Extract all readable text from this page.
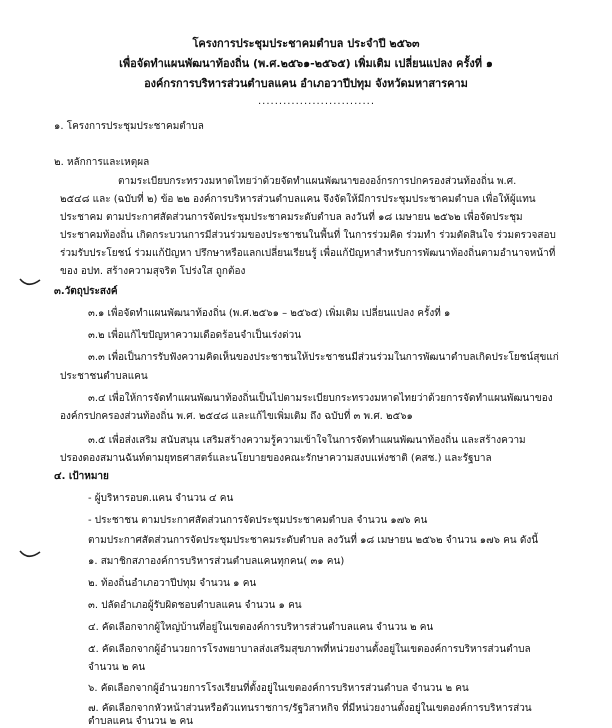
โครงการประชุมประชาคมตำบล ประจำปี ๒๕๖๓
เพื่อจัดทำแผนพัฒนาท้องถิ่น (พ.ศ.๒๕๖๑-๒๕๖๕) เพิ่มเติม เปลี่ยนแปลง ครั้งที่ ๑
องค์กรการบริหารส่วนตำบลแคน อำเภอวาปีปทุม จังหวัดมหาสารคาม
............................
๑. โครงการประชุมประชาคมตำบล
๒. หลักการและเหตุผล
ตามระเบียบกระทรวงมหาดไทยว่าด้วยจัดทำแผนพัฒนาขององ์กรการปกครองส่วนท้องถิ่น พ.ศ.
๒๕๔๘ และ (ฉบับที่ ๒) ข้อ ๒๒ องค์การบริหารส่วนตำบลแคน จึงจัดให้มีการประชุมประชาคมตำบล เพื่อให้ผู้แทน
ประชาคม ตามประกาศสัดส่วนการจัดประชุมประชาคมระดับตำบล ลงวันที่ ๑๘ เมษายน ๒๕๖๒ เพื่อจัดประชุม
ประชาคมท้องถิ่น เกิดกระบวนการมีส่วนร่วมของประชาชนในพื้นที่ ในการร่วมคิด ร่วมทำ ร่วมตัดสินใจ ร่วมตรวจสอบ
ร่วมรับประโยชน์ ร่วมแก้ปัญหา ปรึกษาหรือแลกเปลี่ยนเรียนรู้ เพื่อแก้ปัญหาสำหรับการพัฒนาท้องถิ่นตามอำนาจหน้าที่
ของ อปท. สร้างความสุจริต โปร่งใส ถูกต้อง
๓.วัตถุประสงค์
๓.๑ เพื่อจัดทำแผนพัฒนาท้องถิ่น (พ.ศ.๒๕๖๑ – ๒๕๖๕) เพิ่มเติม เปลี่ยนแปลง ครั้งที่ ๑
๓.๒ เพื่อแก้ไขปัญหาความเดือดร้อนจำเป็นเร่งด่วน
๓.๓ เพื่อเป็นการรับฟังความคิดเห็นของประชาชนให้ประชาชนมีส่วนร่วมในการพัฒนาตำบลเกิดประโยชน์สุขแก่
ประชาชนตำบลแคน
๓.๔ เพื่อให้การจัดทำแผนพัฒนาท้องถิ่นเป็นไปตามระเบียบกระทรวงมหาดไทยว่าด้วยการจัดทำแผนพัฒนาของ
องค์กรปกครองส่วนท้องถิ่น พ.ศ. ๒๕๔๘ และแก้ไขเพิ่มเติม ถึง ฉบับที่ ๓ พ.ศ. ๒๕๖๑
๓.๕ เพื่อส่งเสริม สนับสนุน เสริมสร้างความรู้ความเข้าใจในการจัดทำแผนพัฒนาท้องถิ่น และสร้างความ
ปรองดองสมานฉันท์ตามยุทธศาสตร์และนโยบายของคณะรักษาความสงบแห่งชาติ (คสช.) และรัฐบาล
๔. เป้าหมาย
- ผู้บริหารอบต.แคน จำนวน ๔ คน
- ประชาชน ตามประกาศสัดส่วนการจัดประชุมประชาคมตำบล จำนวน ๑๗๖ คน
ตามประกาศสัดส่วนการจัดประชุมประชาคมระดับตำบล ลงวันที่ ๑๘ เมษายน ๒๕๖๒ จำนวน ๑๗๖ คน ดังนี้
๑. สมาชิกสภาองค์การบริหารส่วนตำบลแคนทุกคน( ๓๑ คน)
๒. ท้องถิ่นอำเภอวาปีปทุม จำนวน ๑ คน
๓. ปลัดอำเภอผู้รับผิดชอบตำบลแคน จำนวน ๑ คน
๔. คัดเลือกจากผู้ใหญ่บ้านที่อยู่ในเขตองค์การบริหารส่วนตำบลแคน จำนวน ๒ คน
๕. คัดเลือกจากผู้อำนวยการโรงพยาบาลส่งเสริมสุขภาพที่หน่วยงานตั้งอยู่ในเขตองค์การบริหารส่วนตำบล
จำนวน ๒ คน
๖. คัดเลือกจากผู้อำนวยการโรงเรียนที่ตั้งอยู่ในเขตองค์การบริหารส่วนตำบล จำนวน ๒ คน
๗. คัดเลือกจากหัวหน้าส่วนหรือตัวแทนราชการ/รัฐวิสาหกิจ ที่มีหน่วยงานตั้งอยู่ในเขตองค์การบริหารส่วน
ตำบลแคน จำนวน ๒ คน
